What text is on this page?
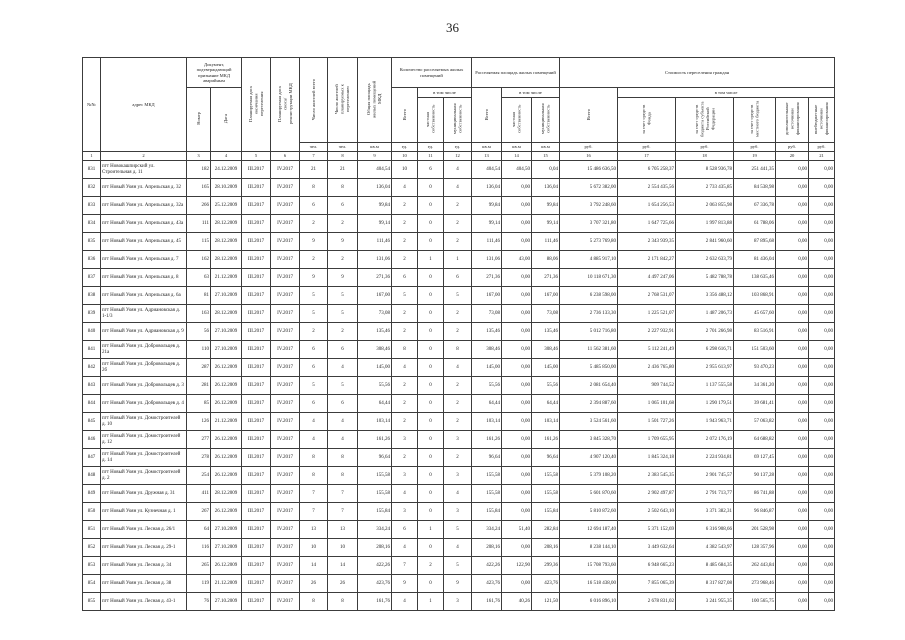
36
№№	адрес МКД	Документ, подтверждающий признание МКД аварийным		Планируемая дата окончания переселения	Планируемая дата сноса/ реконструкции МКД	Число жителей всего	Число жителей планируемых к переселению	Общая площадь жилых помещений МКД	Количество расселяемых жилых помещений			Расселяемая площадь жилых помещений			Стоимость переселения граждан					
		Номер	Дата						Всего	в том числе		Всего	в том числе		Всего	в том числе				
										частная собственность	муниципальная собственность		частная собственность	муниципальная собственность		за счет средств Фонда	за счет средств бюджета субъекта Российской Федерации	за счет средств местного бюджета	дополнительные источники финансирования	внебюджетные источники финансирования
						чел.	чел.	кв.м	ед.	ед.	ед.	кв.м	кв.м	кв.м	руб.	руб.	руб.	руб.	руб.	руб.
1	2	3	4	5	6	7	8	9	10	11	12	13	14	15	16	17	18	19	20	21
831	пгт Новокашпирский ул. Строительная д. 11	182	24.12.2009	III.2017	IV.2017	21	21	404,54	10	6	4	404,54	404,50	0,04	15 486 636,50	6 705 258,37	8 528 936,78	251 441,35	0,00	0,00
832	пгт Новый Уоян ул. Апрельская д. 32	165	28.10.2009	III.2017	IV.2017	8	8	136,04	4	0	4	136,04	0,00	136,04	5 672 382,00	2 554 435,56	2 733 435,85	84 538,98	0,00	0,00
833	пгт Новый Уоян ул. Апрельская д. 32а	266	25.12.2009	III.2017	IV.2017	6	6	99,84	2	0	2	99,84	0,00	99,84	3 792 248,60	1 654 256,53	2 063 855,98	67 336,78	0,00	0,00
834	пгт Новый Уоян ул. Апрельская д. 43а	111	28.12.2009	III.2017	IV.2017	2	2	99,14	2	0	2	99,14	0,00	99,14	3 707 321,80	1 647 725,66	1 997 813,88	61 788,06	0,00	0,00
835	пгт Новый Уоян ул. Апрельская д. 45	115	28.12.2009	III.2017	IV.2017	9	9	111,46	2	0	2	111,46	0,00	111,46	5 273 769,80	2 343 939,35	2 841 960,60	87 895,68	0,00	0,00
836	пгт Новый Уоян ул. Апрельская д. 7	162	28.12.2009	III.2017	IV.2017	2	2	131,06	2	1	1	131,06	43,00	88,06	4 885 917,10	2 171 842,27	2 632 633,79	81 436,04	0,00	0,00
837	пгт Новый Уоян ул. Апрельская д. 8	63	21.12.2009	III.2017	IV.2017	9	9	271,36	6	0	6	271,36	0,00	271,36	10 118 671,30	4 497 247,06	5 482 788,78	138 635,46	0,00	0,00
838	пгт Новый Уоян ул. Апрельская д. 6а	81	27.10.2009	III.2017	IV.2017	5	5	167,00	5	0	5	167,00	0,00	167,00	6 238 598,00	2 768 531,07	3 356 488,12	103 868,91	0,00	0,00
839	пгт Новый Уоян ул. Адриановская д. 1-1/3	163	28.12.2009	III.2017	IV.2017	5	5	73,08	2	0	2	73,08	0,00	73,08	2 736 133,30	1 225 521,07	1 487 206,73	45 657,60	0,00	0,00
840	пгт Новый Уоян ул. Адриановская д. 9	56	27.10.2009	III.2017	IV.2017	2	2	135,46	2	0	2	135,46	0,00	135,46	5 012 716,80	2 227 932,91	2 701 266,98	83 516,91	0,00	0,00
841	пгт Новый Уоян ул. Добровольцев д. 21а	110	27.10.2009	III.2017	IV.2017	6	6	308,46	8	0	8	308,46	0,00	308,46	11 562 381,60	5 112 241,49	6 298 616,71	151 503,60	0,00	0,00
842	пгт Новый Уоян ул. Добровольцев д. 2б	287	26.12.2009	III.2017	IV.2017	6	4	145,00	4	0	4	145,00	0,00	145,00	5 485 850,00	2 436 765,80	2 955 613,97	93 470,23	0,00	0,00
843	пгт Новый Уоян ул. Добровольцев д. 3	281	26.12.2009	III.2017	IV.2017	5	5	55,56	2	0	2	55,56	0,00	55,56	2 081 654,40	909 744,52	1 137 555,58	34 361,20	0,00	0,00
844	пгт Новый Уоян ул. Добровольцев д. 4	85	26.12.2009	III.2017	IV.2017	6	6	64,44	2	0	2	64,44	0,00	64,44	2 394 887,60	1 065 101,68	1 290 179,51	39 681,41	0,00	0,00
845	пгт Новый Уоян ул. Домостроителей д. 10	126	21.12.2009	III.2017	IV.2017	4	4	103,14	2	0	2	103,14	0,00	103,14	3 524 561,60	1 501 727,26	1 943 963,71	57 063,82	0,00	0,00
846	пгт Новый Уоян ул. Домостроителей д. 12	277	26.12.2009	III.2017	IV.2017	4	4	161,26	3	0	3	161,26	0,00	161,26	3 845 328,70	1 709 655,95	2 072 176,19	64 688,82	0,00	0,00
847	пгт Новый Уоян ул. Домостроителей д. 14	278	26.12.2009	III.2017	IV.2017	8	8	96,64	2	0	2	96,64	0,00	96,64	4 907 120,40	1 845 324,18	2 224 934,81	69 127,45	0,00	0,00
848	пгт Новый Уоян ул. Домостроителей д. 2	254	26.12.2009	III.2017	IV.2017	8	8	155,58	3	0	3	155,58	0,00	155,58	5 379 108,20	2 383 545,35	2 901 745,57	90 137,28	0,00	0,00
849	пгт Новый Уоян ул. Дружная д. 31	411	28.12.2009	III.2017	IV.2017	7	7	155,58	4	0	4	155,58	0,00	155,58	5 601 870,60	2 902 497,87	2 791 713,77	86 741,88	0,00	0,00
850	пгт Новый Уоян ул. Кузнечная д. 1	267	26.12.2009	III.2017	IV.2017	7	7	155,84	3	0	3	155,84	0,00	155,84	5 810 872,60	2 502 643,10	3 371 382,31	96 846,87	0,00	0,00
851	пгт Новый Уоян ул. Лесная д. 26/1	64	27.10.2009	III.2017	IV.2017	13	13	334,24	6	1	5	334,24	51,40	282,84	12 694 187,40	5 371 152,69	6 316 908,66	201 528,98	0,00	0,00
852	пгт Новый Уоян ул. Лесная д. 29-1	116	27.10.2009	III.2017	IV.2017	10	10	208,16	4	0	4	208,16	0,00	208,16	8 238 144,10	3 449 632,64	4 382 543,97	128 357,96	0,00	0,00
853	пгт Новый Уоян ул. Лесная д. 34	265	26.12.2009	III.2017	IV.2017	14	14	422,26	7	2	5	422,26	122,90	299,36	15 708 793,60	6 948 665,23	8 485 684,35	262 443,84	0,00	0,00
854	пгт Новый Уоян ул. Лесная д. 38	119	21.12.2009	III.2017	IV.2017	26	26	423,76	9	0	9	423,76	0,00	423,76	16 518 438,00	7 855 065,39	8 317 827,08	273 968,46	0,00	0,00
855	пгт Новый Уоян ул. Лесная д. 43-1	76	27.10.2009	III.2017	IV.2017	8	8	161,76	4	1	3	161,76	40,26	121,50	6 016 896,10	2 678 831,02	3 241 955,35	100 565,75	0,00	0,00
